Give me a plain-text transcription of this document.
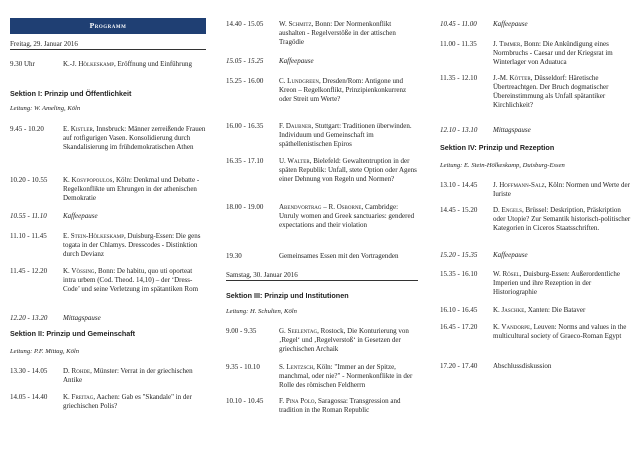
Programm
Freitag, 29. Januar 2016
9.30 Uhr	K.-J. Hölkeskamp, Eröffnung und Einführung
Sektion I: Prinzip und Öffentlichkeit
Leitung: W. Ameling, Köln
9.45 - 10.20	E. Kistler, Innsbruck: Männer zerreißende Frauen auf rotfigurigen Vasen. Konsolidierung durch Skandalisierung im frühdemokratischen Athen
10.20 - 10.55	K. Kosypopoulos, Köln: Denkmal und Debatte - Regelkonflikte um Ehrungen in der athenischen Demokratie
10.55 - 11.10	Kaffeepause
11.10 - 11.45	E. Stein-Hölkeskamp, Duisburg-Essen: Die gens togata in der Chlamys. Dresscodes - Distinktion durch Devianz
11.45 - 12.20	K. Vössing, Bonn: De habitu, quo uti oporteat intra urbem (Cod. Theod. 14,10) – der ‘Dress-Code’ und seine Verletzung im spätantiken Rom
12.20 - 13.20	Mittagspause
Sektion II: Prinzip und Gemeinschaft
Leitung: P.F. Mittag, Köln
13.30 - 14.05	D. Rohde, Münster: Verrat in der griechischen Antike
14.05 - 14.40	K. Freitag, Aachen: Gab es "Skandale" in der griechischen Polis?
14.40 - 15.05	W. Schmitz, Bonn: Der Normenkonflikt aushalten - Regelverstöße in der attischen Tragödie
15.05 - 15.25	Kaffeepause
15.25 - 16.00	C. Lundgreen, Dresden/Rom: Antigone und Kreon – Regelkonflikt, Prinzipienkonkurrenz oder Streit um Werte?
16.00 - 16.35	F. Daubner, Stuttgart: Traditionen überwinden. Individuum und Gemeinschaft im späthellenistischen Epiros
16.35 - 17.10	U. Walter, Bielefeld: Gewaltentruption in der späten Republik: Unfall, stete Option oder Agens einer Dehnung von Regeln und Normen?
18.00 - 19.00	Abendvortrag – R. Osborne, Cambridge: Unruly women and Greek sanctuaries: gendered expectations and their violation
19.30	Gemeinsames Essen mit den Vortragenden
Samstag, 30. Januar 2016
Sektion III: Prinzip und Institutionen
Leitung: H. Schulten, Köln
9.00 - 9.35	G. Seelentag, Rostock, Die Konturierung von ‚Regel‘ und ‚Regelverstoß‘ in Gesetzen der griechischen Archaik
9.35 - 10.10	S. Lentzsch, Köln: "Immer an der Spitze, manchmal, oder nie?" - Normenkonflikte in der Rolle des römischen Feldherrn
10.10 - 10.45	F. Pina Polo, Saragossa: Transgression and tradition in the Roman Republic
10.45 - 11.00	Kaffeepause
11.00 - 11.35	J. Timmer, Bonn: Die Ankündigung eines Normbruchs - Caesar und der Kriegsrat im Winterlager von Aduatuca
11.35 - 12.10	J.-M. Kötter, Düsseldorf: Häretische Übertreachtgen. Der Bruch dogmatischer Übereinstimmung als Unfall spätantiker Kirchlichkeit?
12.10 - 13.10	Mittagspause
Sektion IV: Prinzip und Rezeption
Leitung: E. Stein-Hölkeskamp, Duisburg-Essen
13.10 - 14.45	J. Hoffmann-Salz, Köln: Normen und Werte der Iuriste
14.45 - 15.20	D. Engels, Brüssel: Deskription, Präskription oder Utopie? Zur Semantik historisch-politischer Kategorien in Ciceros Staatsschriften.
15.20 - 15.35	Kaffeepause
15.35 - 16.10	W. Rösel, Duisburg-Essen: Außerordentliche Imperien und ihre Rezeption in der Historiographie
16.10 - 16.45	K. Jaschke, Xanten: Die Bataver
16.45 - 17.20	K. Vandorpe, Leuven: Norms and values in the multicultural society of Graeco-Roman Egypt
17.20 - 17.40	Abschlussdiskussion
